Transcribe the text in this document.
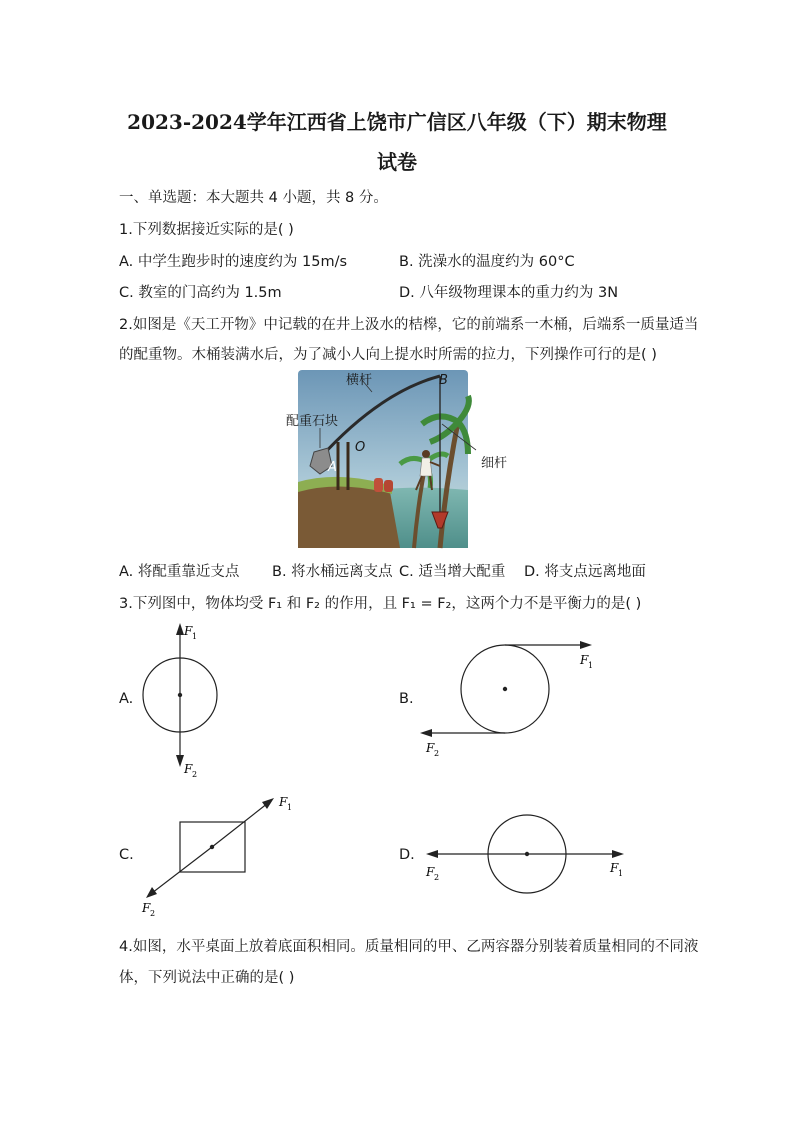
2023-2024学年江西省上饶市广信区八年级（下）期末物理
试卷
一、单选题：本大题共 4 小题，共 8 分。
1.下列数据接近实际的是( )
A. 中学生跑步时的速度约为 15m/s	B. 洗澡水的温度约为 60°C
C. 教室的门高约为 1.5m	D. 八年级物理课本的重力约为 3N
2.如图是《天工开物》中记载的在井上汲水的桔槔，它的前端系一木桶，后端系一质量适当
的配重物。木桶装满水后，为了减小人向上提水时所需的拉力，下列操作可行的是( )
横杆
配重石块
细杆
B
O
A
A. 将配重靠近支点 B. 将水桶远离支点 C. 适当增大配重 D. 将支点远离地面
3.下列图中，物体均受 F₁ 和 F₂ 的作用，且 F₁ = F₂，这两个力不是平衡力的是( )
A.
F 1
F 2
B.
F 1
F 2
C.
F 1
F 2
D.
F 1
F 2
4.如图，水平桌面上放着底面积相同。质量相同的甲、乙两容器分别装着质量相同的不同液
体，下列说法中正确的是( )
